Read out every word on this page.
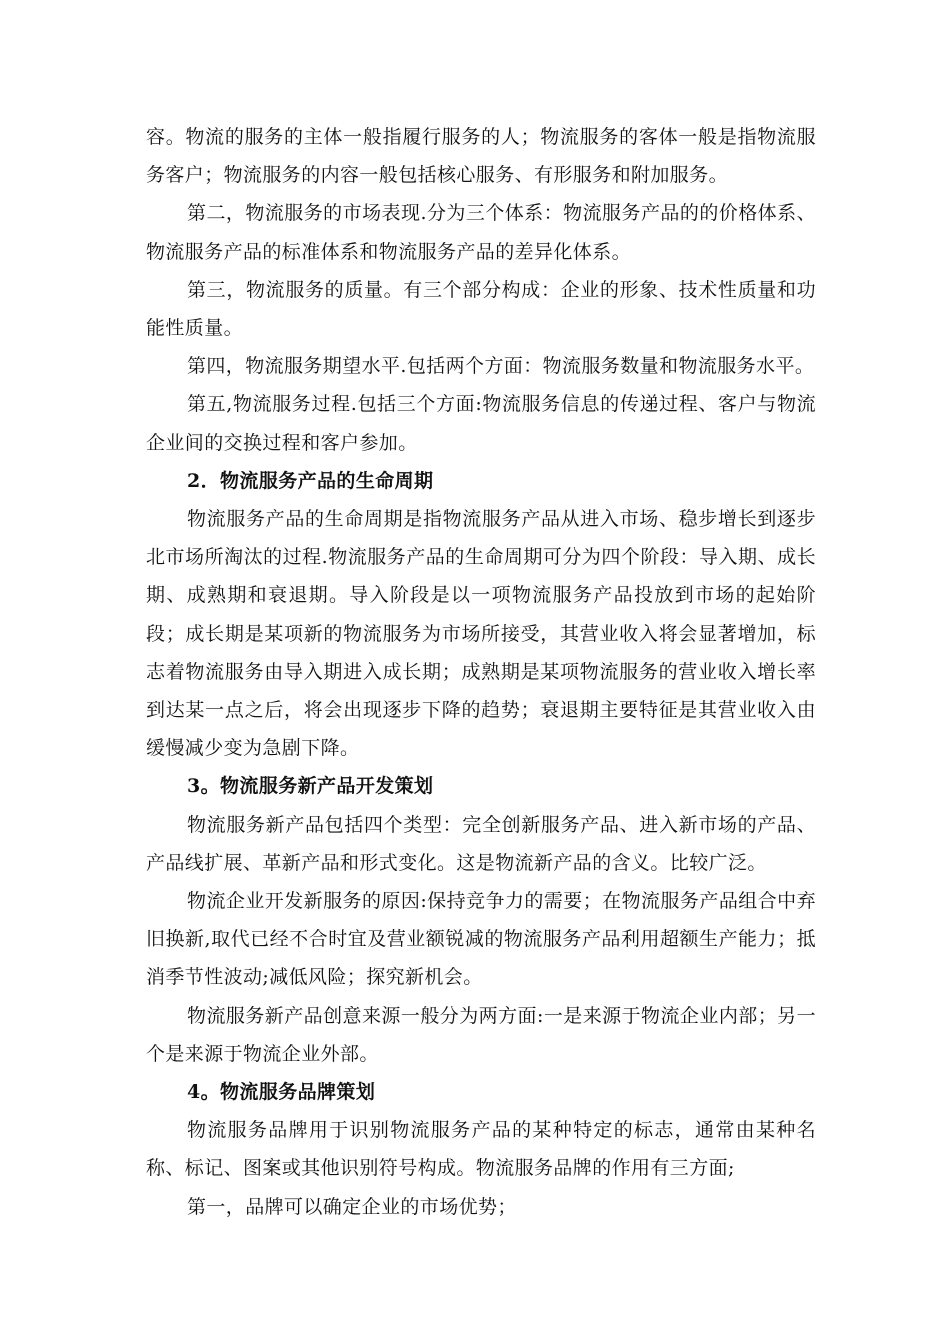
容。物流的服务的主体一般指履行服务的人；物流服务的客体一般是指物流服务客户；物流服务的内容一般包括核心服务、有形服务和附加服务。

第二，物流服务的市场表现.分为三个体系：物流服务产品的的价格体系、物流服务产品的标准体系和物流服务产品的差异化体系。

第三，物流服务的质量。有三个部分构成：企业的形象、技术性质量和功能性质量。

第四，物流服务期望水平.包括两个方面：物流服务数量和物流服务水平。

第五,物流服务过程.包括三个方面:物流服务信息的传递过程、客户与物流企业间的交换过程和客户参加。

2．物流服务产品的生命周期

物流服务产品的生命周期是指物流服务产品从进入市场、稳步增长到逐步北市场所淘汰的过程.物流服务产品的生命周期可分为四个阶段：导入期、成长期、成熟期和衰退期。导入阶段是以一项物流服务产品投放到市场的起始阶段；成长期是某项新的物流服务为市场所接受，其营业收入将会显著增加，标志着物流服务由导入期进入成长期；成熟期是某项物流服务的营业收入增长率到达某一点之后，将会出现逐步下降的趋势；衰退期主要特征是其营业收入由缓慢减少变为急剧下降。

3。物流服务新产品开发策划

物流服务新产品包括四个类型：完全创新服务产品、进入新市场的产品、产品线扩展、革新产品和形式变化。这是物流新产品的含义。比较广泛。

物流企业开发新服务的原因:保持竞争力的需要；在物流服务产品组合中弃旧换新,取代已经不合时宜及营业额锐减的物流服务产品利用超额生产能力；抵消季节性波动;减低风险；探究新机会。

物流服务新产品创意来源一般分为两方面:一是来源于物流企业内部；另一个是来源于物流企业外部。

4。物流服务品牌策划

物流服务品牌用于识别物流服务产品的某种特定的标志，通常由某种名称、标记、图案或其他识别符号构成。物流服务品牌的作用有三方面;

第一，品牌可以确定企业的市场优势；
